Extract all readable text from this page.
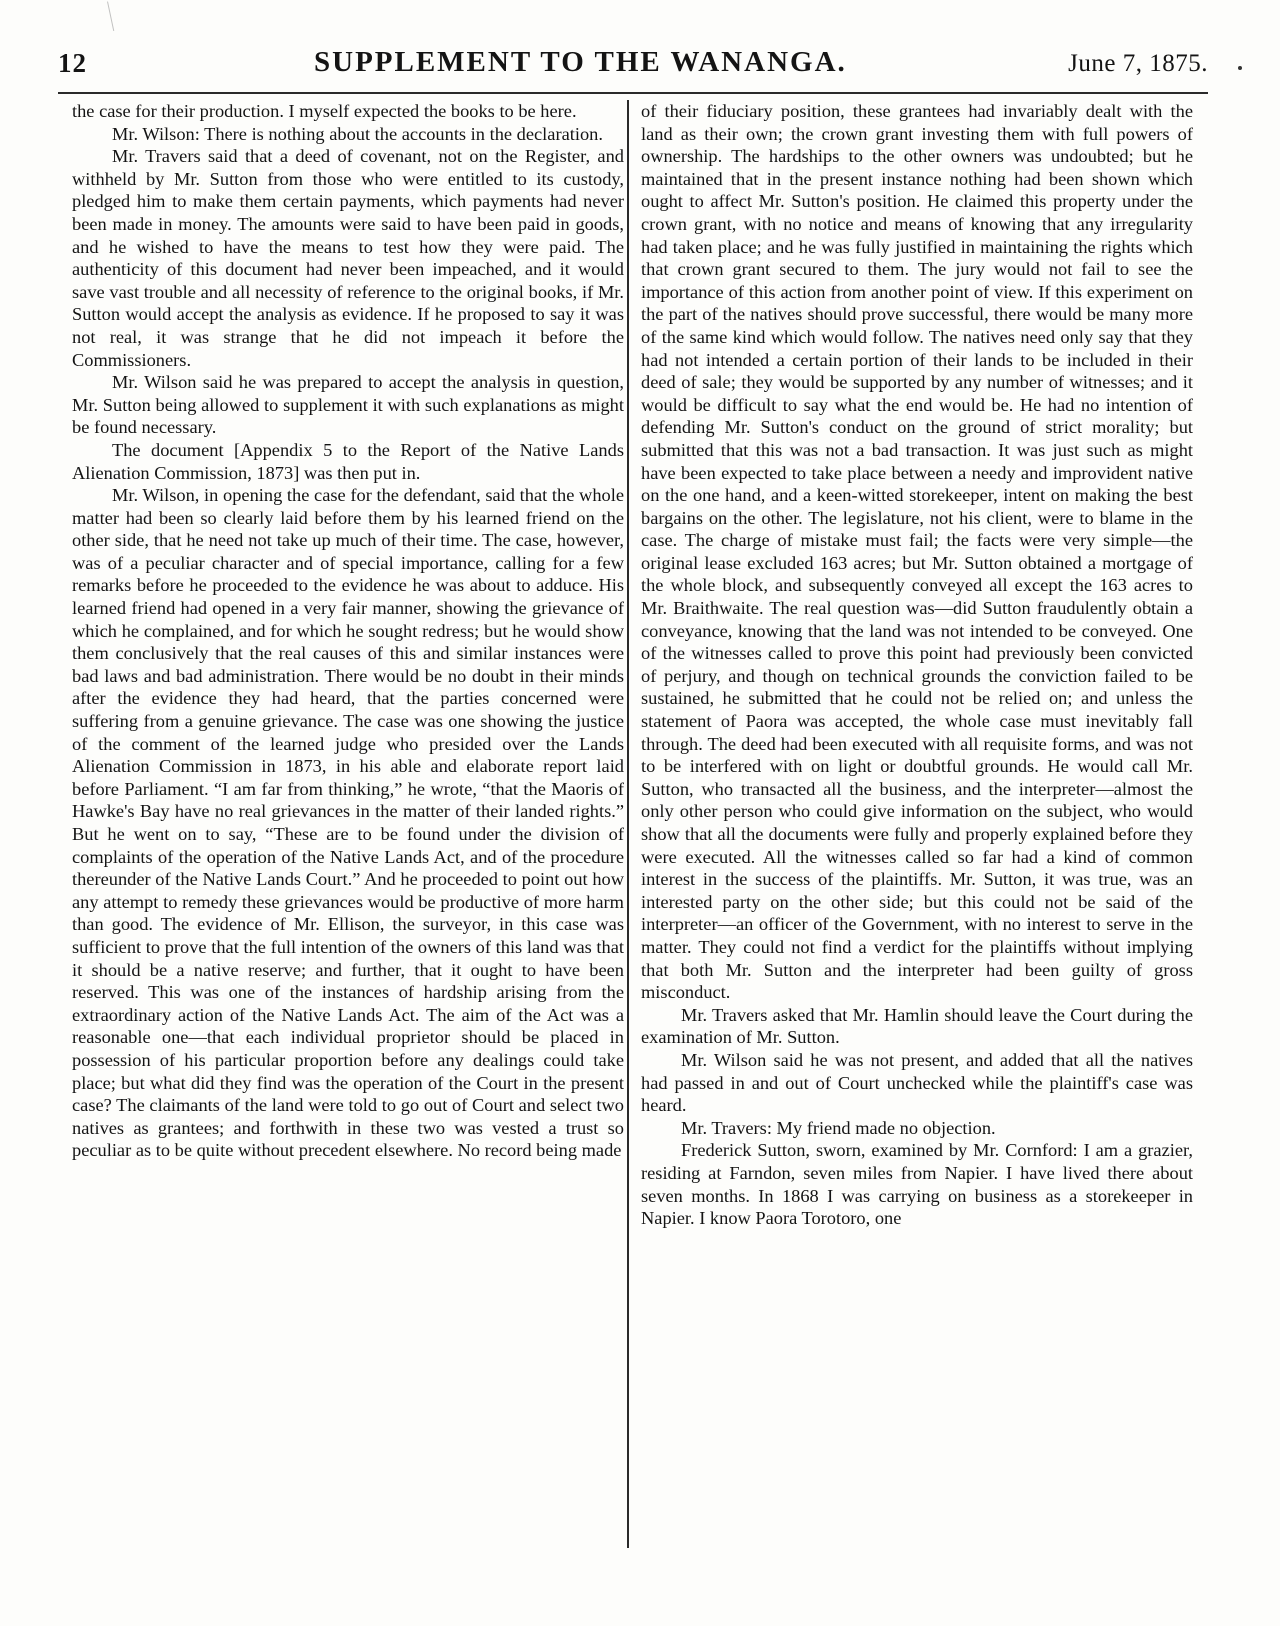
12	SUPPLEMENT TO THE WANANGA.	June 7, 1875.

the case for their production. I myself expected the books to be here.

Mr. Wilson: There is nothing about the accounts in the declaration.

Mr. Travers said that a deed of covenant, not on the Register, and withheld by Mr. Sutton from those who were entitled to its custody, pledged him to make them certain payments, which payments had never been made in money. The amounts were said to have been paid in goods, and he wished to have the means to test how they were paid. The authenticity of this document had never been impeached, and it would save vast trouble and all necessity of reference to the original books, if Mr. Sutton would accept the analysis as evidence. If he proposed to say it was not real, it was strange that he did not impeach it before the Commissioners.

Mr. Wilson said he was prepared to accept the analysis in question, Mr. Sutton being allowed to supplement it with such explanations as might be found necessary.

The document [Appendix 5 to the Report of the Native Lands Alienation Commission, 1873] was then put in.

Mr. Wilson, in opening the case for the defendant, said that the whole matter had been so clearly laid before them by his learned friend on the other side, that he need not take up much of their time. The case, however, was of a peculiar character and of special importance, calling for a few remarks before he proceeded to the evidence he was about to adduce. His learned friend had opened in a very fair manner, showing the grievance of which he complained, and for which he sought redress; but he would show them conclusively that the real causes of this and similar instances were bad laws and bad administration. There would be no doubt in their minds after the evidence they had heard, that the parties concerned were suffering from a genuine grievance. The case was one showing the justice of the comment of the learned judge who presided over the Lands Alienation Commission in 1873, in his able and elaborate report laid before Parliament. “I am far from thinking,” he wrote, “that the Maoris of Hawke's Bay have no real grievances in the matter of their landed rights.” But he went on to say, “These are to be found under the division of complaints of the operation of the Native Lands Act, and of the procedure thereunder of the Native Lands Court.” And he proceeded to point out how any attempt to remedy these grievances would be productive of more harm than good. The evidence of Mr. Ellison, the surveyor, in this case was sufficient to prove that the full intention of the owners of this land was that it should be a native reserve; and further, that it ought to have been reserved. This was one of the instances of hardship arising from the extraordinary action of the Native Lands Act. The aim of the Act was a reasonable one—that each individual proprietor should be placed in possession of his particular proportion before any dealings could take place; but what did they find was the operation of the Court in the present case? The claimants of the land were told to go out of Court and select two natives as grantees; and forthwith in these two was vested a trust so peculiar as to be quite without precedent elsewhere. No record being made

of their fiduciary position, these grantees had invariably dealt with the land as their own; the crown grant investing them with full powers of ownership. The hardships to the other owners was undoubted; but he maintained that in the present instance nothing had been shown which ought to affect Mr. Sutton's position. He claimed this property under the crown grant, with no notice and means of knowing that any irregularity had taken place; and he was fully justified in maintaining the rights which that crown grant secured to them. The jury would not fail to see the importance of this action from another point of view. If this experiment on the part of the natives should prove successful, there would be many more of the same kind which would follow. The natives need only say that they had not intended a certain portion of their lands to be included in their deed of sale; they would be supported by any number of witnesses; and it would be difficult to say what the end would be. He had no intention of defending Mr. Sutton's conduct on the ground of strict morality; but submitted that this was not a bad transaction. It was just such as might have been expected to take place between a needy and improvident native on the one hand, and a keen-witted storekeeper, intent on making the best bargains on the other. The legislature, not his client, were to blame in the case. The charge of mistake must fail; the facts were very simple—the original lease excluded 163 acres; but Mr. Sutton obtained a mortgage of the whole block, and subsequently conveyed all except the 163 acres to Mr. Braithwaite. The real question was—did Sutton fraudulently obtain a conveyance, knowing that the land was not intended to be conveyed. One of the witnesses called to prove this point had previously been convicted of perjury, and though on technical grounds the conviction failed to be sustained, he submitted that he could not be relied on; and unless the statement of Paora was accepted, the whole case must inevitably fall through. The deed had been executed with all requisite forms, and was not to be interfered with on light or doubtful grounds. He would call Mr. Sutton, who transacted all the business, and the interpreter—almost the only other person who could give information on the subject, who would show that all the documents were fully and properly explained before they were executed. All the witnesses called so far had a kind of common interest in the success of the plaintiffs. Mr. Sutton, it was true, was an interested party on the other side; but this could not be said of the interpreter—an officer of the Government, with no interest to serve in the matter. They could not find a verdict for the plaintiffs without implying that both Mr. Sutton and the interpreter had been guilty of gross misconduct.

Mr. Travers asked that Mr. Hamlin should leave the Court during the examination of Mr. Sutton.

Mr. Wilson said he was not present, and added that all the natives had passed in and out of Court unchecked while the plaintiff's case was heard.

Mr. Travers: My friend made no objection.

Frederick Sutton, sworn, examined by Mr. Cornford: I am a grazier, residing at Farndon, seven miles from Napier. I have lived there about seven months. In 1868 I was carrying on business as a storekeeper in Napier. I know Paora Torotoro, one
